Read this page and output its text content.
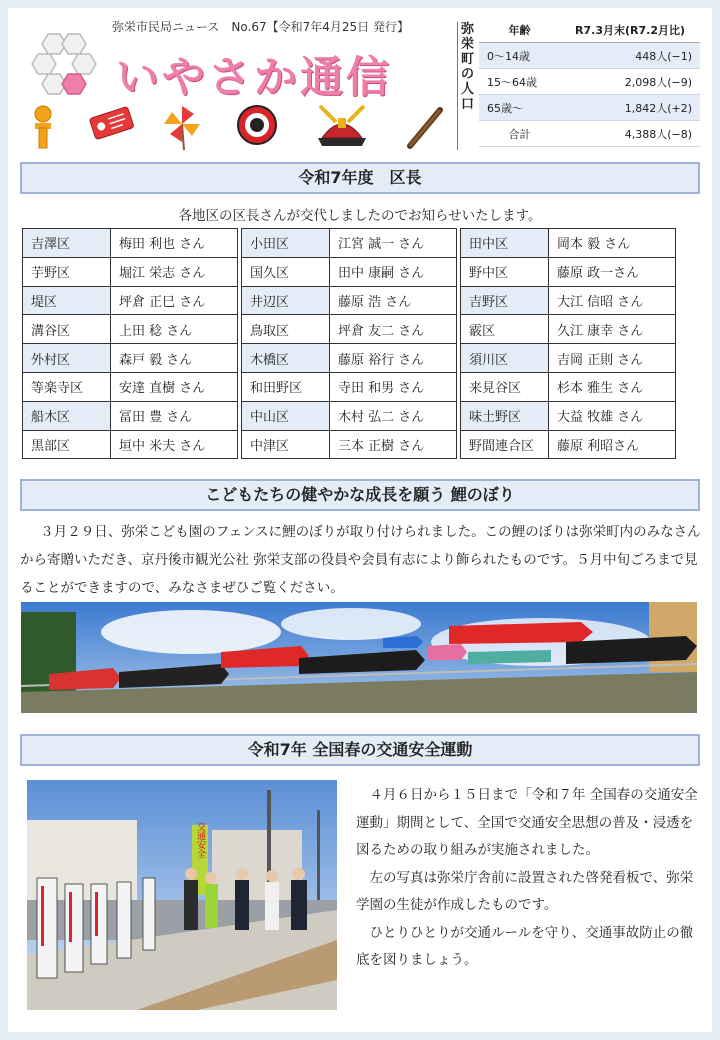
弥栄市民局ニュース　No.67【令和7年4月25日 発行】
いやさか通信
弥栄町の人口
年齢	R7.3月末(R7.2月比)
0〜14歳	448人(−1)
15〜64歳	2,098人(−9)
65歳〜	1,842人(+2)
合計	4,388人(−8)
令和7年度　区長
各地区の区長さんが交代しましたのでお知らせいたします。
吉澤区	梅田 利也 さん		小田区	江宮 誠一 さん		田中区	岡本 毅 さん
芋野区	堀江 栄志 さん		国久区	田中 康嗣 さん		野中区	藤原 政一さん
堤区	坪倉 正巳 さん		井辺区	藤原 浩 さん		吉野区	大江 信昭 さん
溝谷区	上田 稔 さん		鳥取区	坪倉 友二 さん		霰区	久江 康幸 さん
外村区	森戸 毅 さん		木橋区	藤原 裕行 さん		須川区	吉岡 正則 さん
等楽寺区	安達 直樹 さん		和田野区	寺田 和男 さん		来見谷区	杉本 雅生 さん
船木区	冨田 豊 さん		中山区	木村 弘二 さん		味土野区	大益 牧雄 さん
黒部区	垣中 米夫 さん		中津区	三本 正樹 さん		野間連合区	藤原 利昭さん
こどもたちの健やかな成長を願う 鯉のぼり
３月２９日、弥栄こども園のフェンスに鯉のぼりが取り付けられました。この鯉のぼりは弥栄町内のみなさんから寄贈いただき、京丹後市観光公社 弥栄支部の役員や会員有志により飾られたものです。５月中旬ごろまで見ることができますので、みなさまぜひご覧ください。
令和7年 全国春の交通安全運動
交通安全

４月６日から１５日まで「令和７年 全国春の交通安全運動」期間として、全国で交通安全思想の普及・浸透を図るための取り組みが実施されました。

左の写真は弥栄庁舎前に設置された啓発看板で、弥栄学園の生徒が作成したものです。

ひとりひとりが交通ルールを守り、交通事故防止の徹底を図りましょう。
